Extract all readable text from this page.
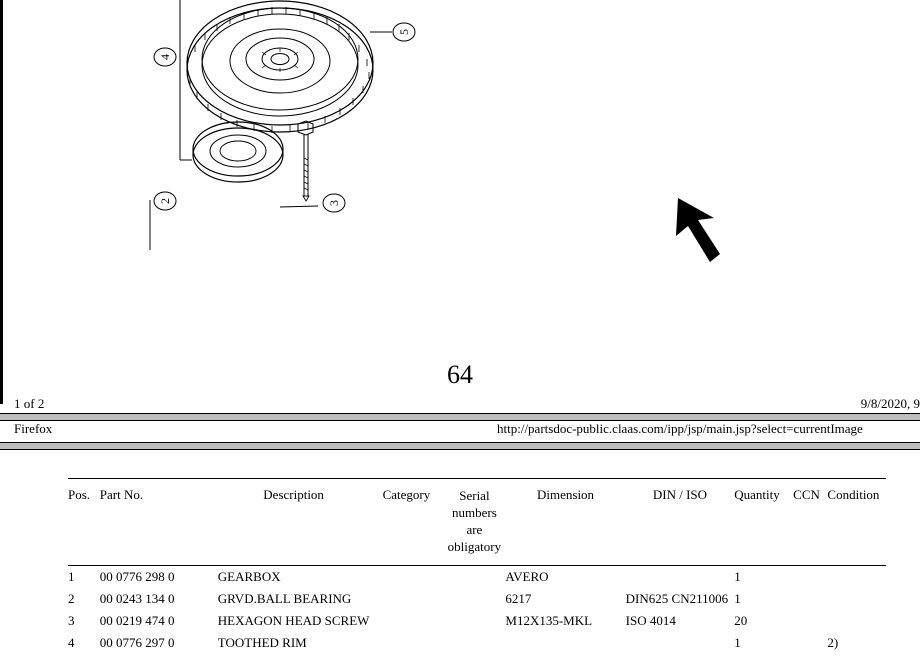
4
5
2	3
64
1 of 2	9/8/2020, 9
Firefox	http://partsdoc-public.claas.com/ipp/jsp/main.jsp?select=currentImage
Pos.	Part No.	Description	Category	Serial numbers are obligatory	Dimension	DIN / ISO	Quantity	CCN	Condition
1	00 0776 298 0	GEARBOX			AVERO		1		
2	00 0243 134 0	GRVD.BALL BEARING			6217	DIN625 CN211006	1		
3	00 0219 474 0	HEXAGON HEAD SCREW			M12X135-MKL	ISO 4014	20		
4	00 0776 297 0	TOOTHED RIM					1		2)
